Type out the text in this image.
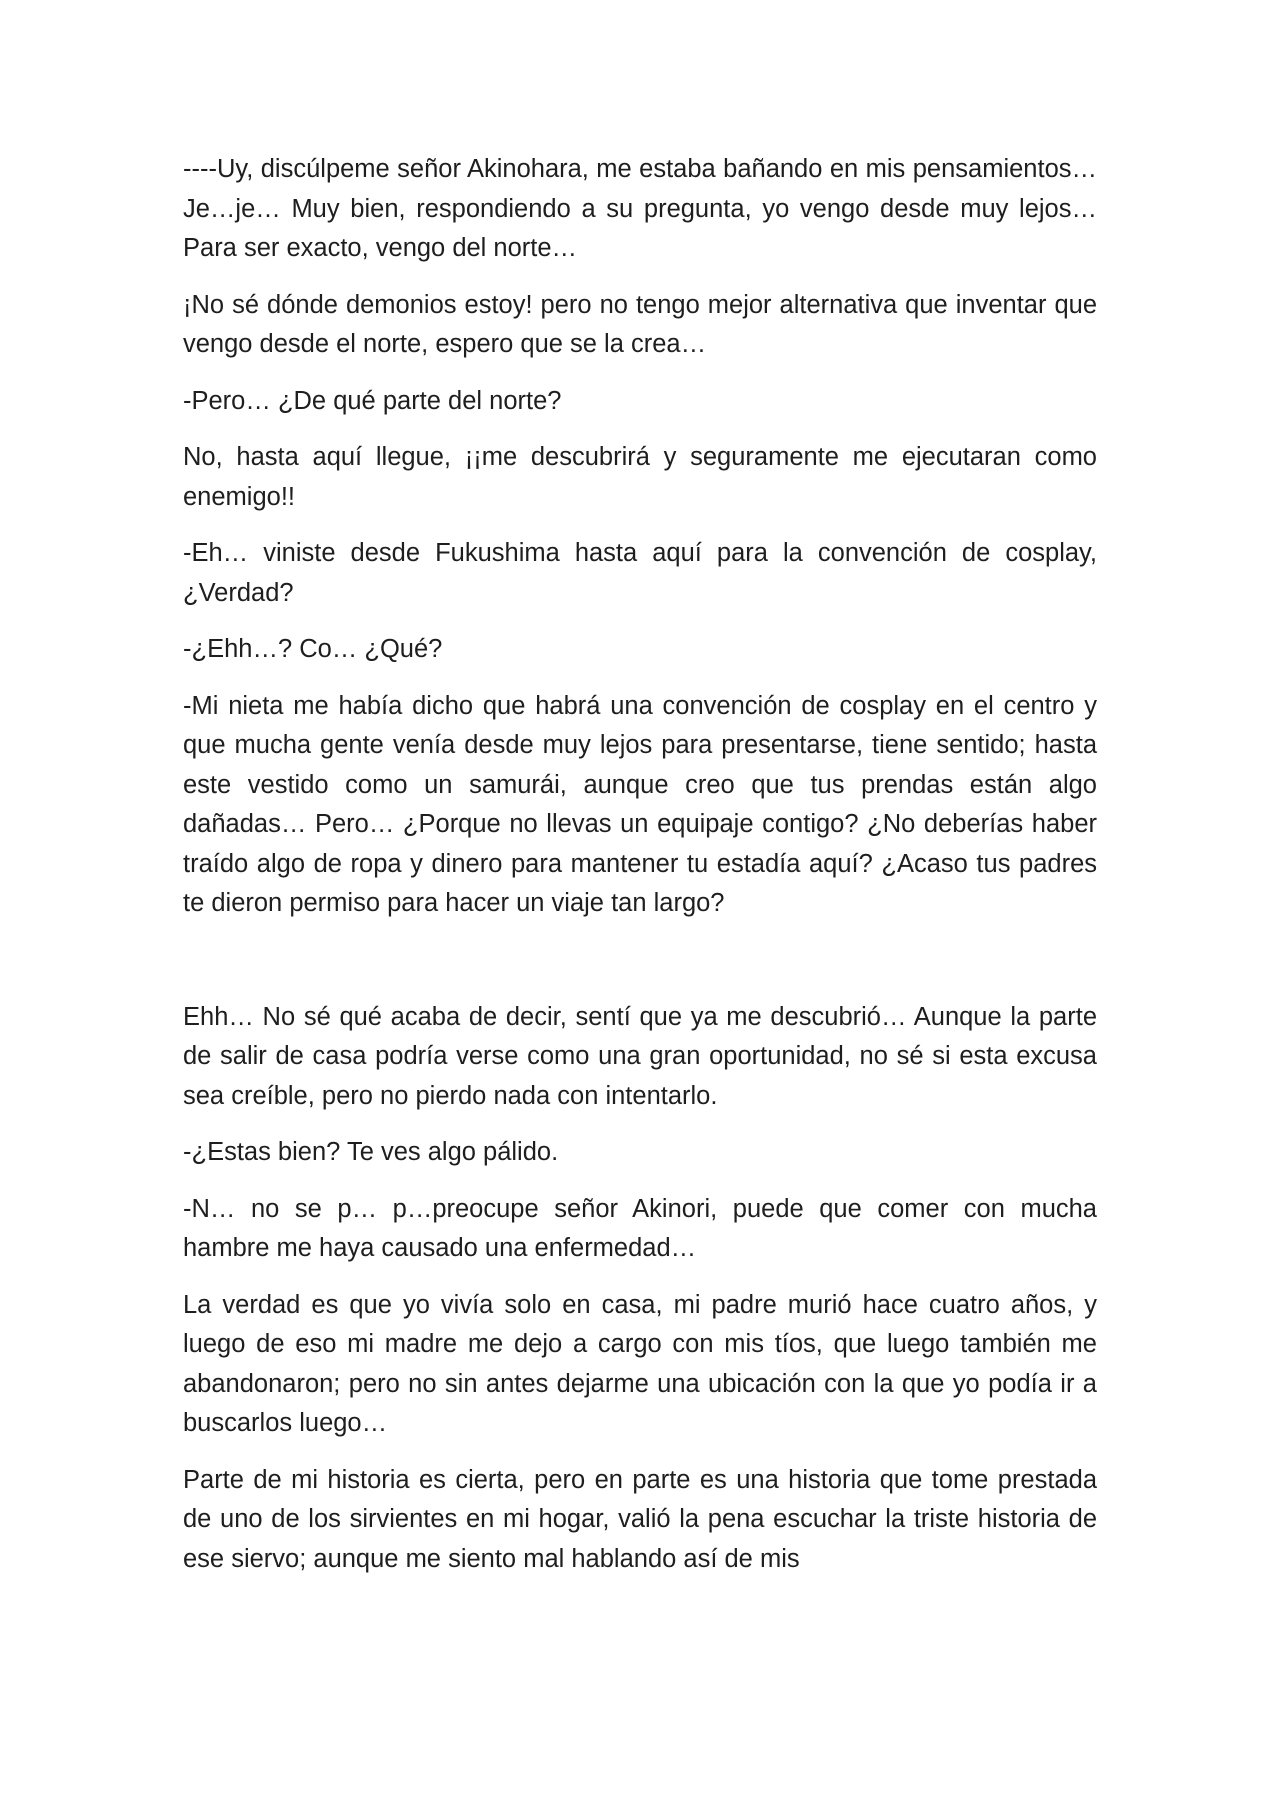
----Uy, discúlpeme señor Akinohara, me estaba bañando en mis pensamientos… Je…je… Muy bien, respondiendo a su pregunta, yo vengo desde muy lejos… Para ser exacto, vengo del norte…

¡No sé dónde demonios estoy! pero no tengo mejor alternativa que inventar que vengo desde el norte, espero que se la crea…

-Pero… ¿De qué parte del norte?

No, hasta aquí llegue, ¡¡me descubrirá y seguramente me ejecutaran como enemigo!!

-Eh… viniste desde Fukushima hasta aquí para la convención de cosplay, ¿Verdad?

-¿Ehh…? Co… ¿Qué?

-Mi nieta me había dicho que habrá una convención de cosplay en el centro y que mucha gente venía desde muy lejos para presentarse, tiene sentido; hasta este vestido como un samurái, aunque creo que tus prendas están algo dañadas… Pero… ¿Porque no llevas un equipaje contigo? ¿No deberías haber traído algo de ropa y dinero para mantener tu estadía aquí? ¿Acaso tus padres te dieron permiso para hacer un viaje tan largo?

Ehh… No sé qué acaba de decir, sentí que ya me descubrió… Aunque la parte de salir de casa podría verse como una gran oportunidad, no sé si esta excusa sea creíble, pero no pierdo nada con intentarlo.

-¿Estas bien? Te ves algo pálido.

-N… no se p… p…preocupe señor Akinori, puede que comer con mucha hambre me haya causado una enfermedad…

La verdad es que yo vivía solo en casa, mi padre murió hace cuatro años, y luego de eso mi madre me dejo a cargo con mis tíos, que luego también me abandonaron; pero no sin antes dejarme una ubicación con la que yo podía ir a buscarlos luego…

Parte de mi historia es cierta, pero en parte es una historia que tome prestada de uno de los sirvientes en mi hogar, valió la pena escuchar la triste historia de ese siervo; aunque me siento mal hablando así de mis
